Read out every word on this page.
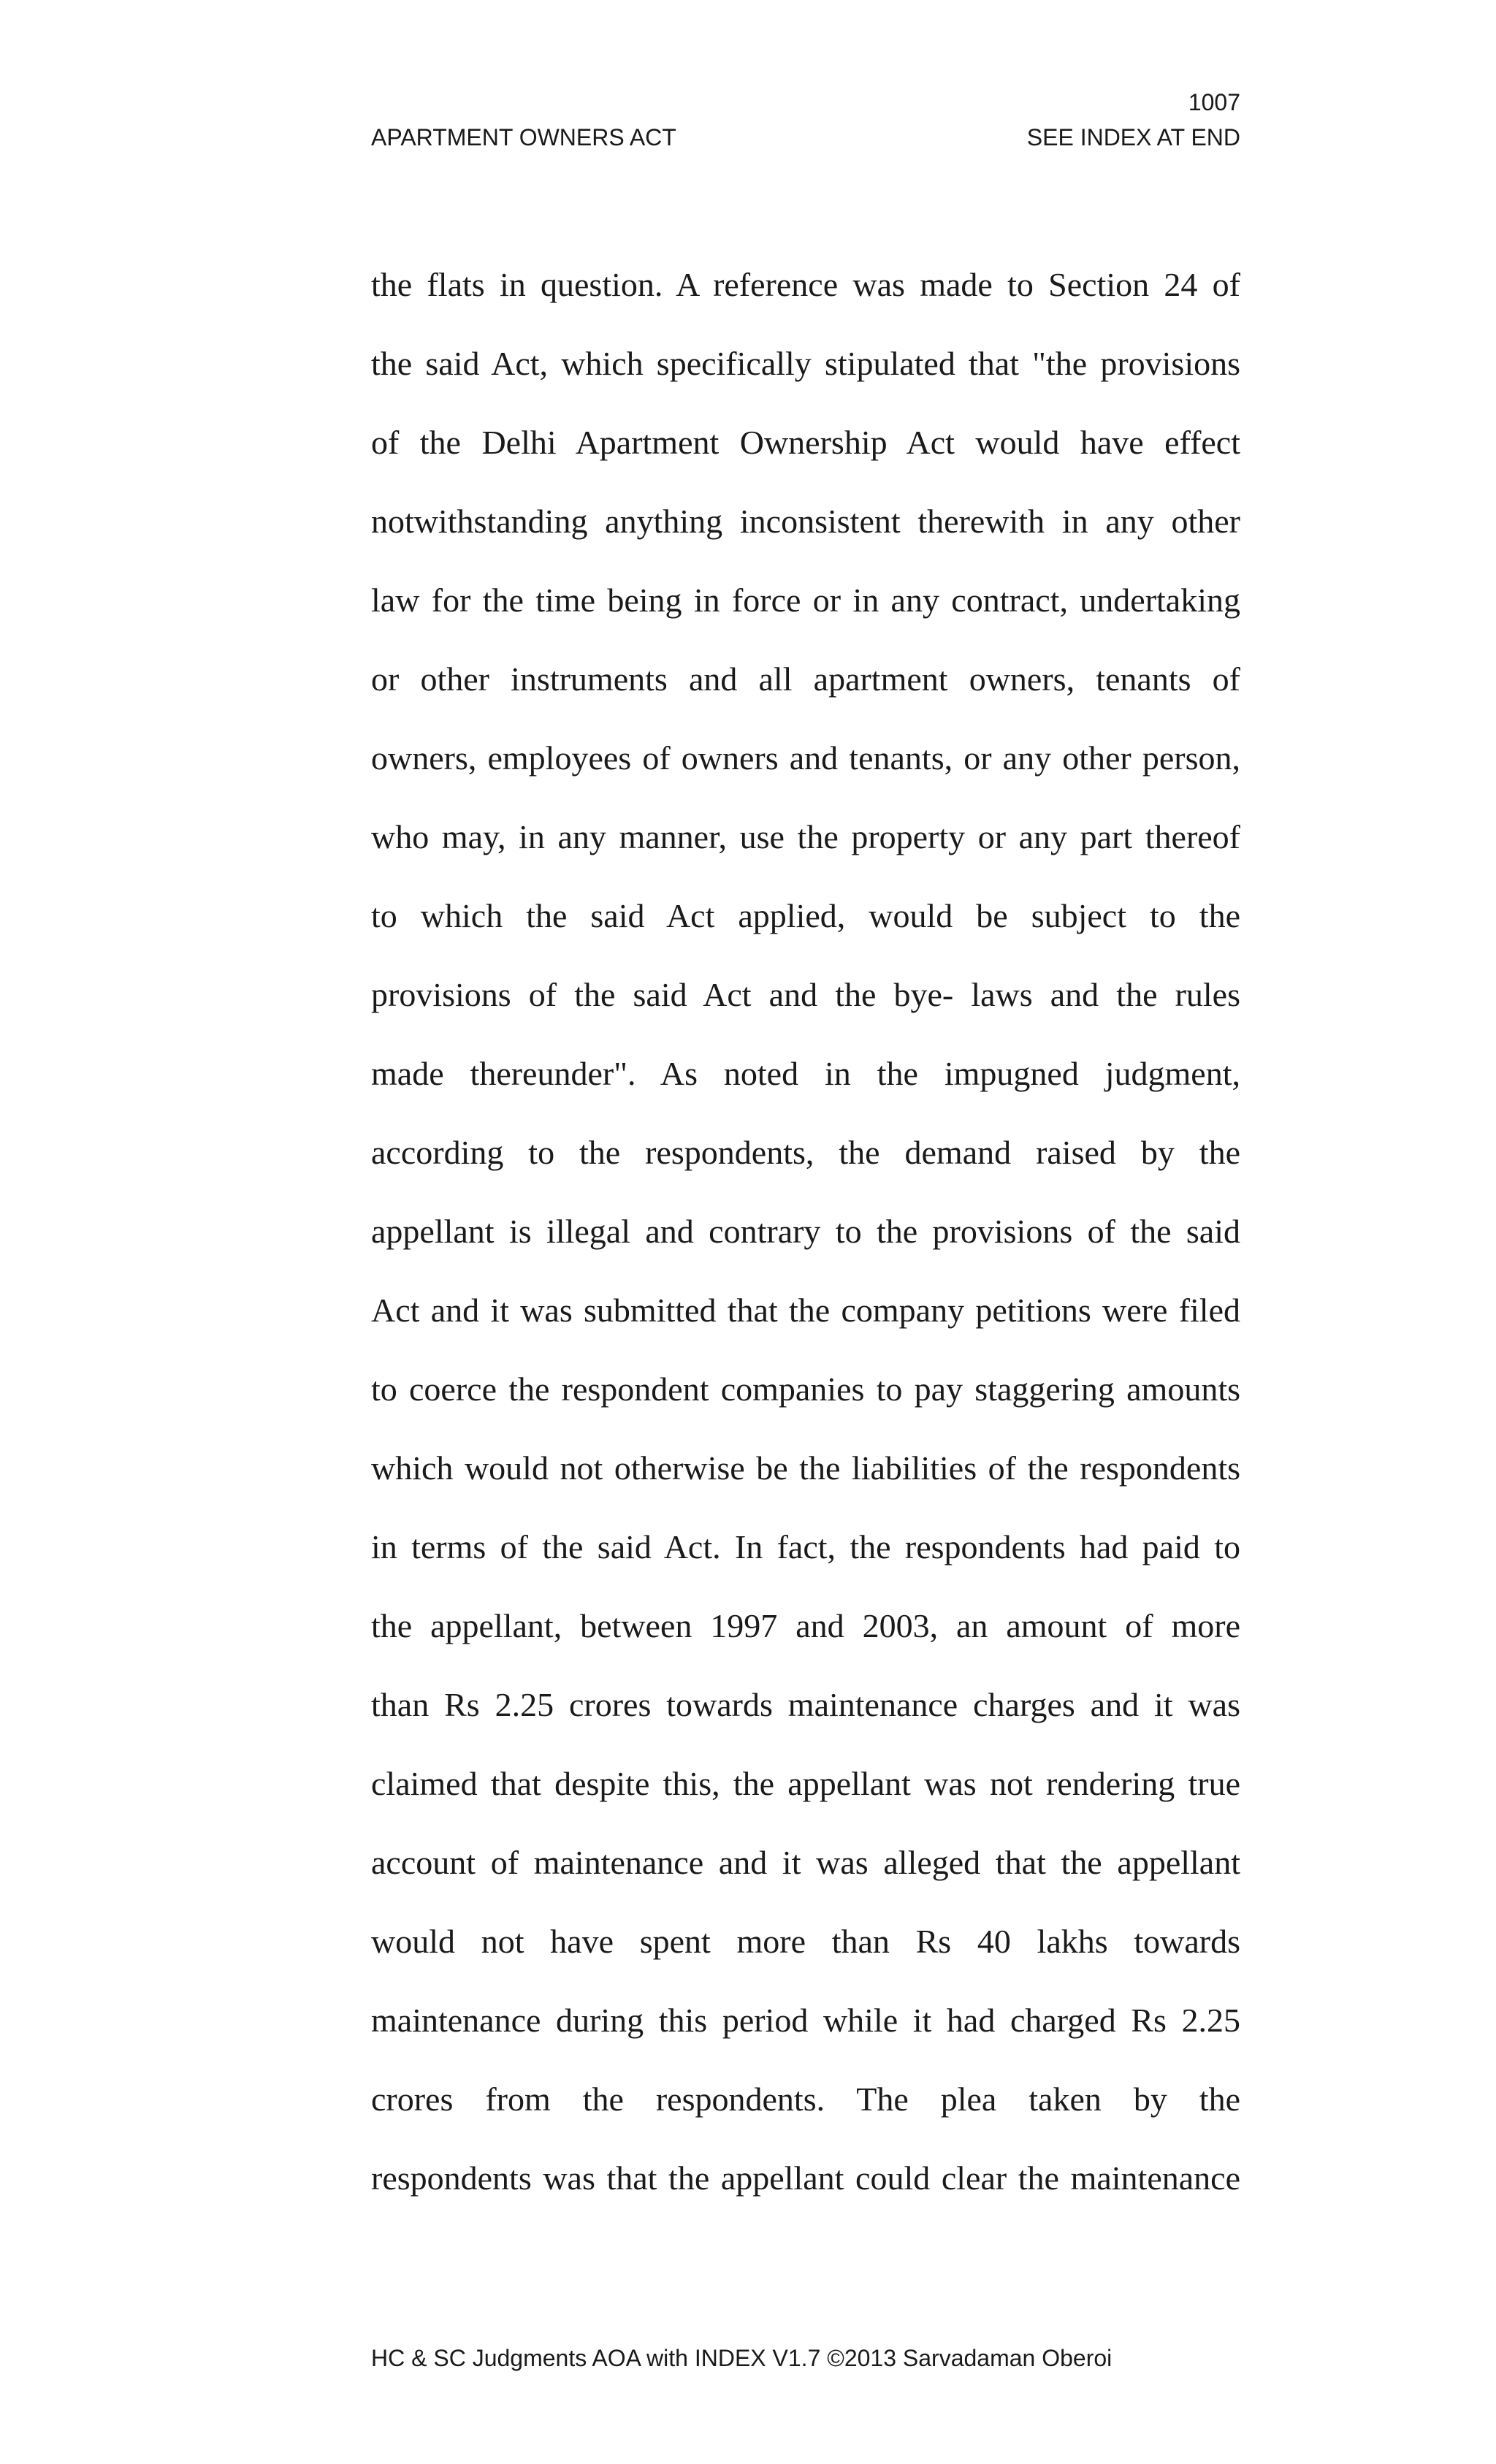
1007
APARTMENT OWNERS ACT	SEE INDEX AT END
the flats in question. A reference was made to Section 24 of
the said Act, which specifically stipulated that "the provisions
of the Delhi Apartment Ownership Act would have effect
notwithstanding anything inconsistent therewith in any other
law for the time being in force or in any contract, undertaking
or other instruments and all apartment owners, tenants of
owners, employees of owners and tenants, or any other person,
who may, in any manner, use the property or any part thereof
to which the said Act applied, would be subject to the
provisions of the said Act and the bye- laws and the rules
made thereunder". As noted in the impugned judgment,
according to the respondents, the demand raised by the
appellant is illegal and contrary to the provisions of the said
Act and it was submitted that the company petitions were filed
to coerce the respondent companies to pay staggering amounts
which would not otherwise be the liabilities of the respondents
in terms of the said Act. In fact, the respondents had paid to
the appellant, between 1997 and 2003, an amount of more
than Rs 2.25 crores towards maintenance charges and it was
claimed that despite this, the appellant was not rendering true
account of maintenance and it was alleged that the appellant
would not have spent more than Rs 40 lakhs towards
maintenance during this period while it had charged Rs 2.25
crores from the respondents. The plea taken by the
respondents was that the appellant could clear the maintenance
HC & SC Judgments AOA with INDEX V1.7 ©2013 Sarvadaman Oberoi
